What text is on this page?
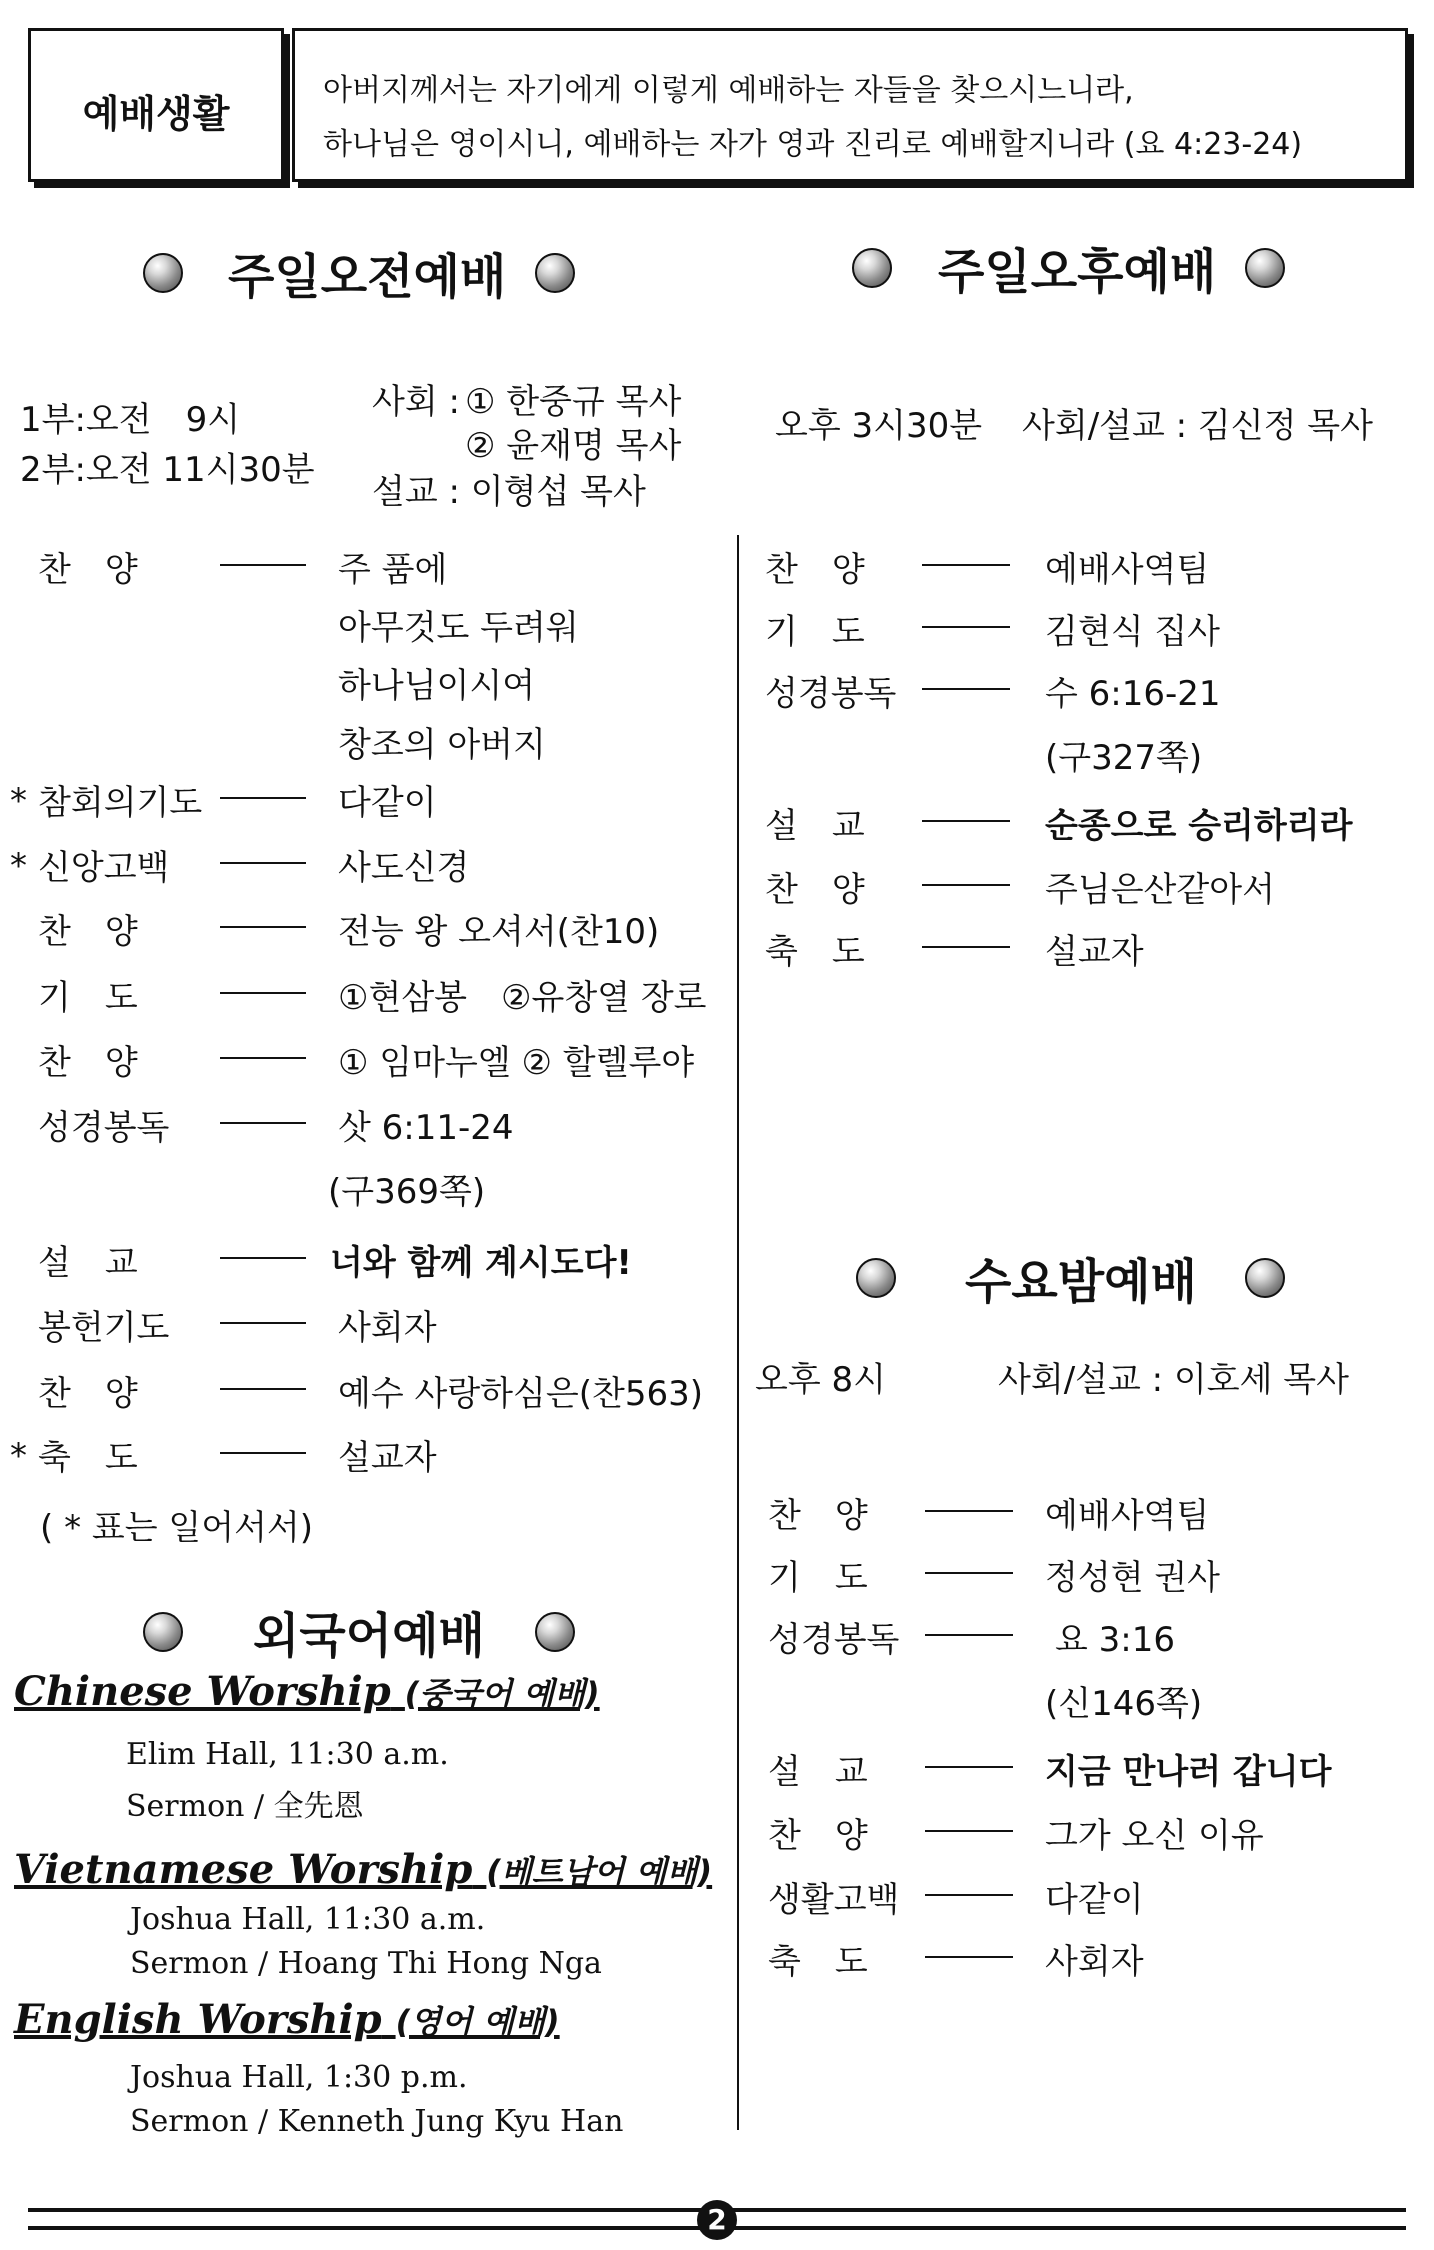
예배생활
아버지께서는 자기에게 이렇게 예배하는 자들을 찾으시느니라,
하나님은 영이시니, 예배하는 자가 영과 진리로 예배할지니라 (요 4:23-24)
주일오전예배	주일오후예배
1부:오전　9시
2부:오전 11시30분
사회 : ① 한중규 목사
② 윤재명 목사
설교 : 이형섭 목사
오후 3시30분 사회/설교 : 김신정 목사
찬　양	주 품에
아무것도 두려워
하나님이시여
창조의 아버지
* 참회의기도	다같이
* 신앙고백	사도신경
찬　양	전능 왕 오셔서(찬10)
기　도	①현삼봉　②유창열 장로
찬　양	① 임마누엘 ② 할렐루야
성경봉독	삿 6:11-24
(구369쪽)
설　교	너와 함께 계시도다!
봉헌기도	사회자
찬　양	예수 사랑하심은(찬563)
* 축　도	설교자
( * 표는 일어서서)
찬　양	예배사역팀
기　도	김현식 집사
성경봉독	수 6:16-21
(구327쪽)
설　교	순종으로 승리하리라
찬　양	주님은산같아서
축　도	설교자
수요밤예배
오후 8시	사회/설교 : 이호세 목사
찬　양	예배사역팀
기　도	정성현 권사
성경봉독	요 3:16
(신146쪽)
설　교	지금 만나러 갑니다
찬　양	그가 오신 이유
생활고백	다같이
축　도	사회자
외국어예배
Chinese Worship (중국어 예배)
Elim Hall, 11:30 a.m.
Sermon / 全先恩
Vietnamese Worship (베트남어 예배)
Joshua Hall, 11:30 a.m.
Sermon / Hoang Thi Hong Nga
English Worship (영어 예배)
Joshua Hall, 1:30 p.m.
Sermon / Kenneth Jung Kyu Han
2
